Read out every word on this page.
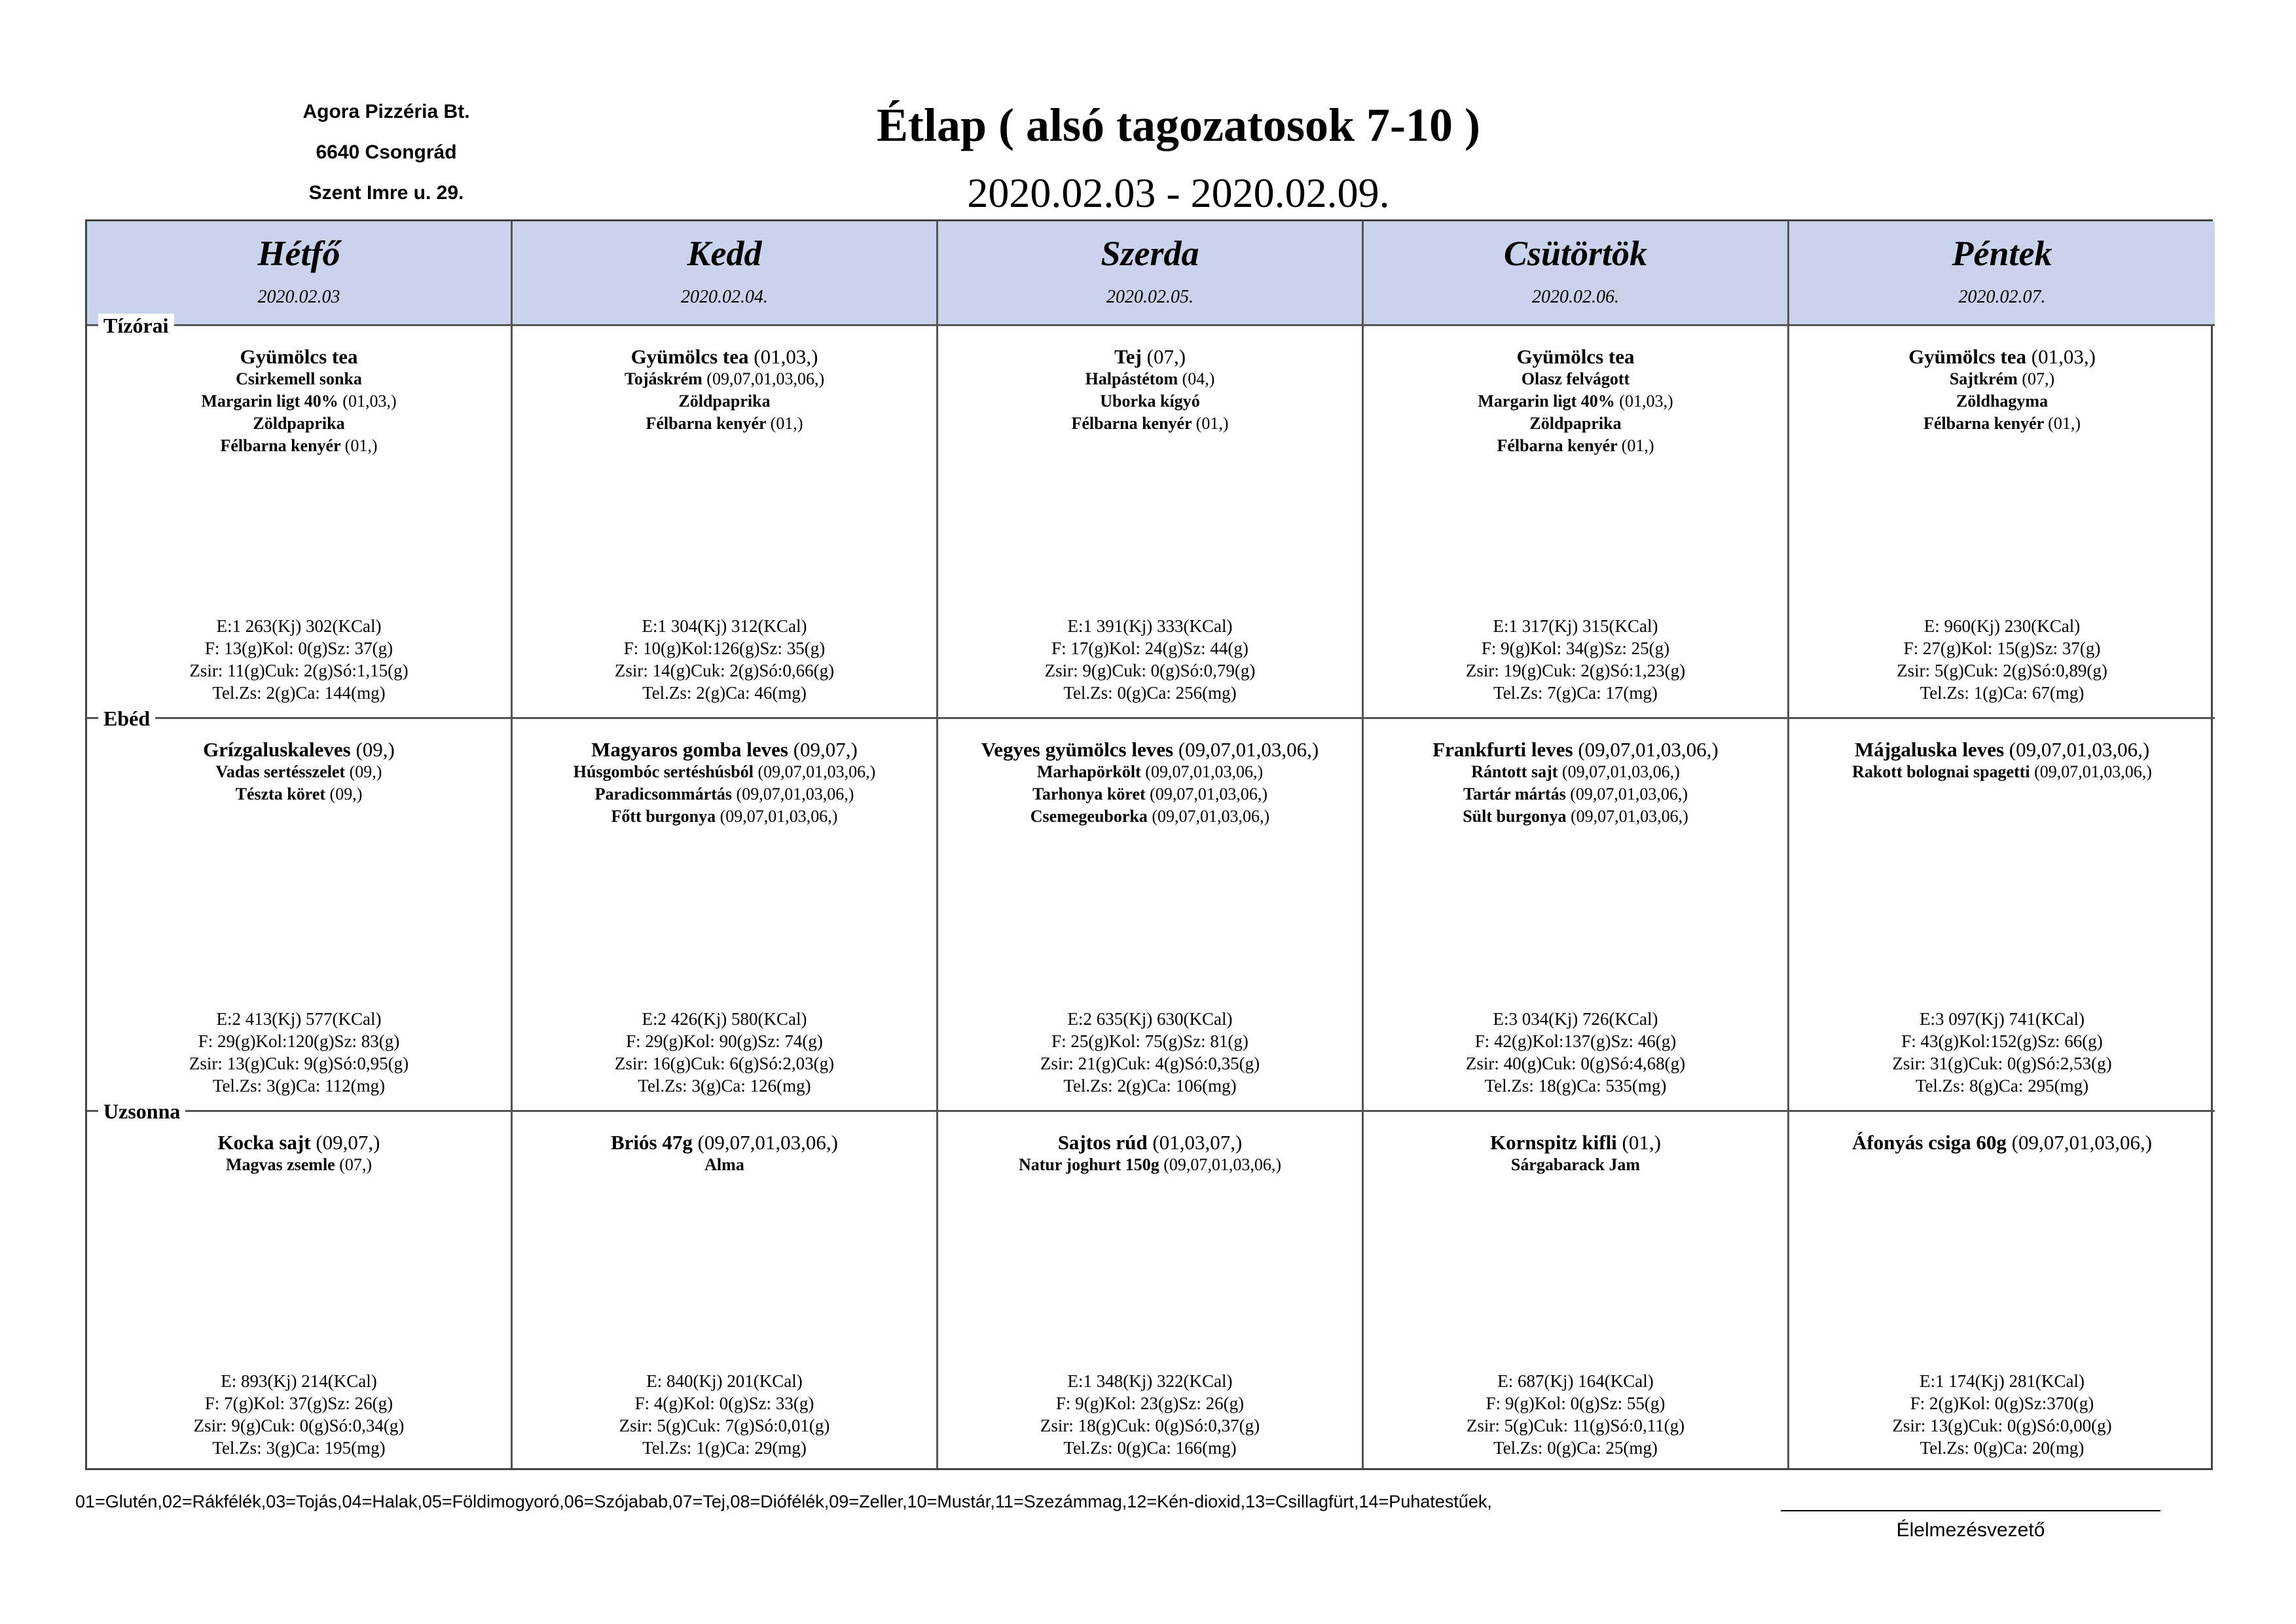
Agora Pizzéria Bt.
6640 Csongrád
Szent Imre u. 29.
Étlap ( alsó tagozatosok 7-10 )
2020.02.03 - 2020.02.09.
Hétfő
2020.02.03
Gyümölcs tea
Csirkemell sonka
Margarin ligt 40% (01,03,)
Zöldpaprika
Félbarna kenyér (01,)
E:1 263(Kj) 302(KCal)
F: 13(g)Kol: 0(g)Sz: 37(g)
Zsir: 11(g)Cuk: 2(g)Só:1,15(g)
Tel.Zs: 2(g)Ca: 144(mg)
Grízgaluskaleves (09,)
Vadas sertésszelet (09,)
Tészta köret (09,)
E:2 413(Kj) 577(KCal)
F: 29(g)Kol:120(g)Sz: 83(g)
Zsir: 13(g)Cuk: 9(g)Só:0,95(g)
Tel.Zs: 3(g)Ca: 112(mg)
Kocka sajt (09,07,)
Magvas zsemle (07,)
E: 893(Kj) 214(KCal)
F: 7(g)Kol: 37(g)Sz: 26(g)
Zsir: 9(g)Cuk: 0(g)Só:0,34(g)
Tel.Zs: 3(g)Ca: 195(mg)
Kedd
2020.02.04.
Gyümölcs tea (01,03,)
Tojáskrém (09,07,01,03,06,)
Zöldpaprika
Félbarna kenyér (01,)
E:1 304(Kj) 312(KCal)
F: 10(g)Kol:126(g)Sz: 35(g)
Zsir: 14(g)Cuk: 2(g)Só:0,66(g)
Tel.Zs: 2(g)Ca: 46(mg)
Magyaros gomba leves (09,07,)
Húsgombóc sertéshúsból (09,07,01,03,06,)
Paradicsommártás (09,07,01,03,06,)
Főtt burgonya (09,07,01,03,06,)
E:2 426(Kj) 580(KCal)
F: 29(g)Kol: 90(g)Sz: 74(g)
Zsir: 16(g)Cuk: 6(g)Só:2,03(g)
Tel.Zs: 3(g)Ca: 126(mg)
Briós 47g (09,07,01,03,06,)
Alma
E: 840(Kj) 201(KCal)
F: 4(g)Kol: 0(g)Sz: 33(g)
Zsir: 5(g)Cuk: 7(g)Só:0,01(g)
Tel.Zs: 1(g)Ca: 29(mg)
Szerda
2020.02.05.
Tej (07,)
Halpástétom (04,)
Uborka kígyó
Félbarna kenyér (01,)
E:1 391(Kj) 333(KCal)
F: 17(g)Kol: 24(g)Sz: 44(g)
Zsir: 9(g)Cuk: 0(g)Só:0,79(g)
Tel.Zs: 0(g)Ca: 256(mg)
Vegyes gyümölcs leves (09,07,01,03,06,)
Marhapörkölt (09,07,01,03,06,)
Tarhonya köret (09,07,01,03,06,)
Csemegeuborka (09,07,01,03,06,)
E:2 635(Kj) 630(KCal)
F: 25(g)Kol: 75(g)Sz: 81(g)
Zsir: 21(g)Cuk: 4(g)Só:0,35(g)
Tel.Zs: 2(g)Ca: 106(mg)
Sajtos rúd (01,03,07,)
Natur joghurt 150g (09,07,01,03,06,)
E:1 348(Kj) 322(KCal)
F: 9(g)Kol: 23(g)Sz: 26(g)
Zsir: 18(g)Cuk: 0(g)Só:0,37(g)
Tel.Zs: 0(g)Ca: 166(mg)
Csütörtök
2020.02.06.
Gyümölcs tea
Olasz felvágott
Margarin ligt 40% (01,03,)
Zöldpaprika
Félbarna kenyér (01,)
E:1 317(Kj) 315(KCal)
F: 9(g)Kol: 34(g)Sz: 25(g)
Zsir: 19(g)Cuk: 2(g)Só:1,23(g)
Tel.Zs: 7(g)Ca: 17(mg)
Frankfurti leves (09,07,01,03,06,)
Rántott sajt (09,07,01,03,06,)
Tartár mártás (09,07,01,03,06,)
Sült burgonya (09,07,01,03,06,)
E:3 034(Kj) 726(KCal)
F: 42(g)Kol:137(g)Sz: 46(g)
Zsir: 40(g)Cuk: 0(g)Só:4,68(g)
Tel.Zs: 18(g)Ca: 535(mg)
Kornspitz kifli (01,)
Sárgabarack Jam
E: 687(Kj) 164(KCal)
F: 9(g)Kol: 0(g)Sz: 55(g)
Zsir: 5(g)Cuk: 11(g)Só:0,11(g)
Tel.Zs: 0(g)Ca: 25(mg)
Péntek
2020.02.07.
Gyümölcs tea (01,03,)
Sajtkrém (07,)
Zöldhagyma
Félbarna kenyér (01,)
E: 960(Kj) 230(KCal)
F: 27(g)Kol: 15(g)Sz: 37(g)
Zsir: 5(g)Cuk: 2(g)Só:0,89(g)
Tel.Zs: 1(g)Ca: 67(mg)
Májgaluska leves (09,07,01,03,06,)
Rakott bolognai spagetti (09,07,01,03,06,)
E:3 097(Kj) 741(KCal)
F: 43(g)Kol:152(g)Sz: 66(g)
Zsir: 31(g)Cuk: 0(g)Só:2,53(g)
Tel.Zs: 8(g)Ca: 295(mg)
Áfonyás csiga 60g (09,07,01,03,06,)
E:1 174(Kj) 281(KCal)
F: 2(g)Kol: 0(g)Sz:370(g)
Zsir: 13(g)Cuk: 0(g)Só:0,00(g)
Tel.Zs: 0(g)Ca: 20(mg)
01=Glutén,02=Rákfélék,03=Tojás,04=Halak,05=Földimogyoró,06=Szójabab,07=Tej,08=Diófélék,09=Zeller,10=Mustár,11=Szezámmag,12=Kén-dioxid,13=Csillagfürt,14=Puhatestűek,
Élelmezésvezető
Tízórai
Ebéd
Uzsonna
